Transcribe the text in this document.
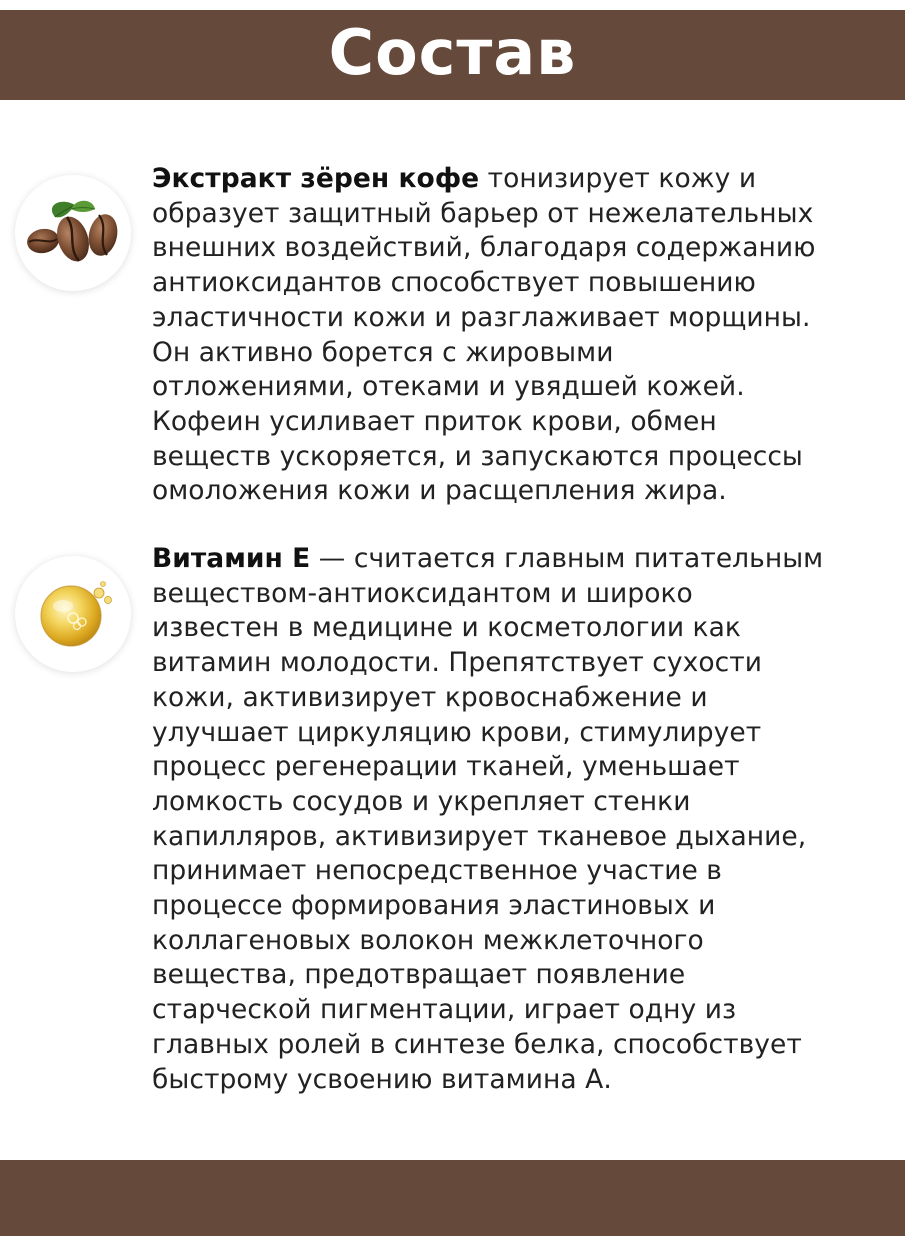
Состав

Экстракт зёрен кофе тонизирует кожу и
образует защитный барьер от нежелательных
внешних воздействий, благодаря содержанию
антиоксидантов способствует повышению
эластичности кожи и разглаживает морщины.
Он активно борется с жировыми
отложениями, отеками и увядшей кожей.
Кофеин усиливает приток крови, обмен
веществ ускоряется, и запускаются процессы
омоложения кожи и расщепления жира.

Витамин Е — считается главным питательным
веществом-антиоксидантом и широко
известен в медицине и косметологии как
витамин молодости. Препятствует сухости
кожи, активизирует кровоснабжение и
улучшает циркуляцию крови, стимулирует
процесс регенерации тканей, уменьшает
ломкость сосудов и укрепляет стенки
капилляров, активизирует тканевое дыхание,
принимает непосредственное участие в
процессе формирования эластиновых и
коллагеновых волокон межклеточного
вещества, предотвращает появление
старческой пигментации, играет одну из
главных ролей в синтезе белка, способствует
быстрому усвоению витамина А.
